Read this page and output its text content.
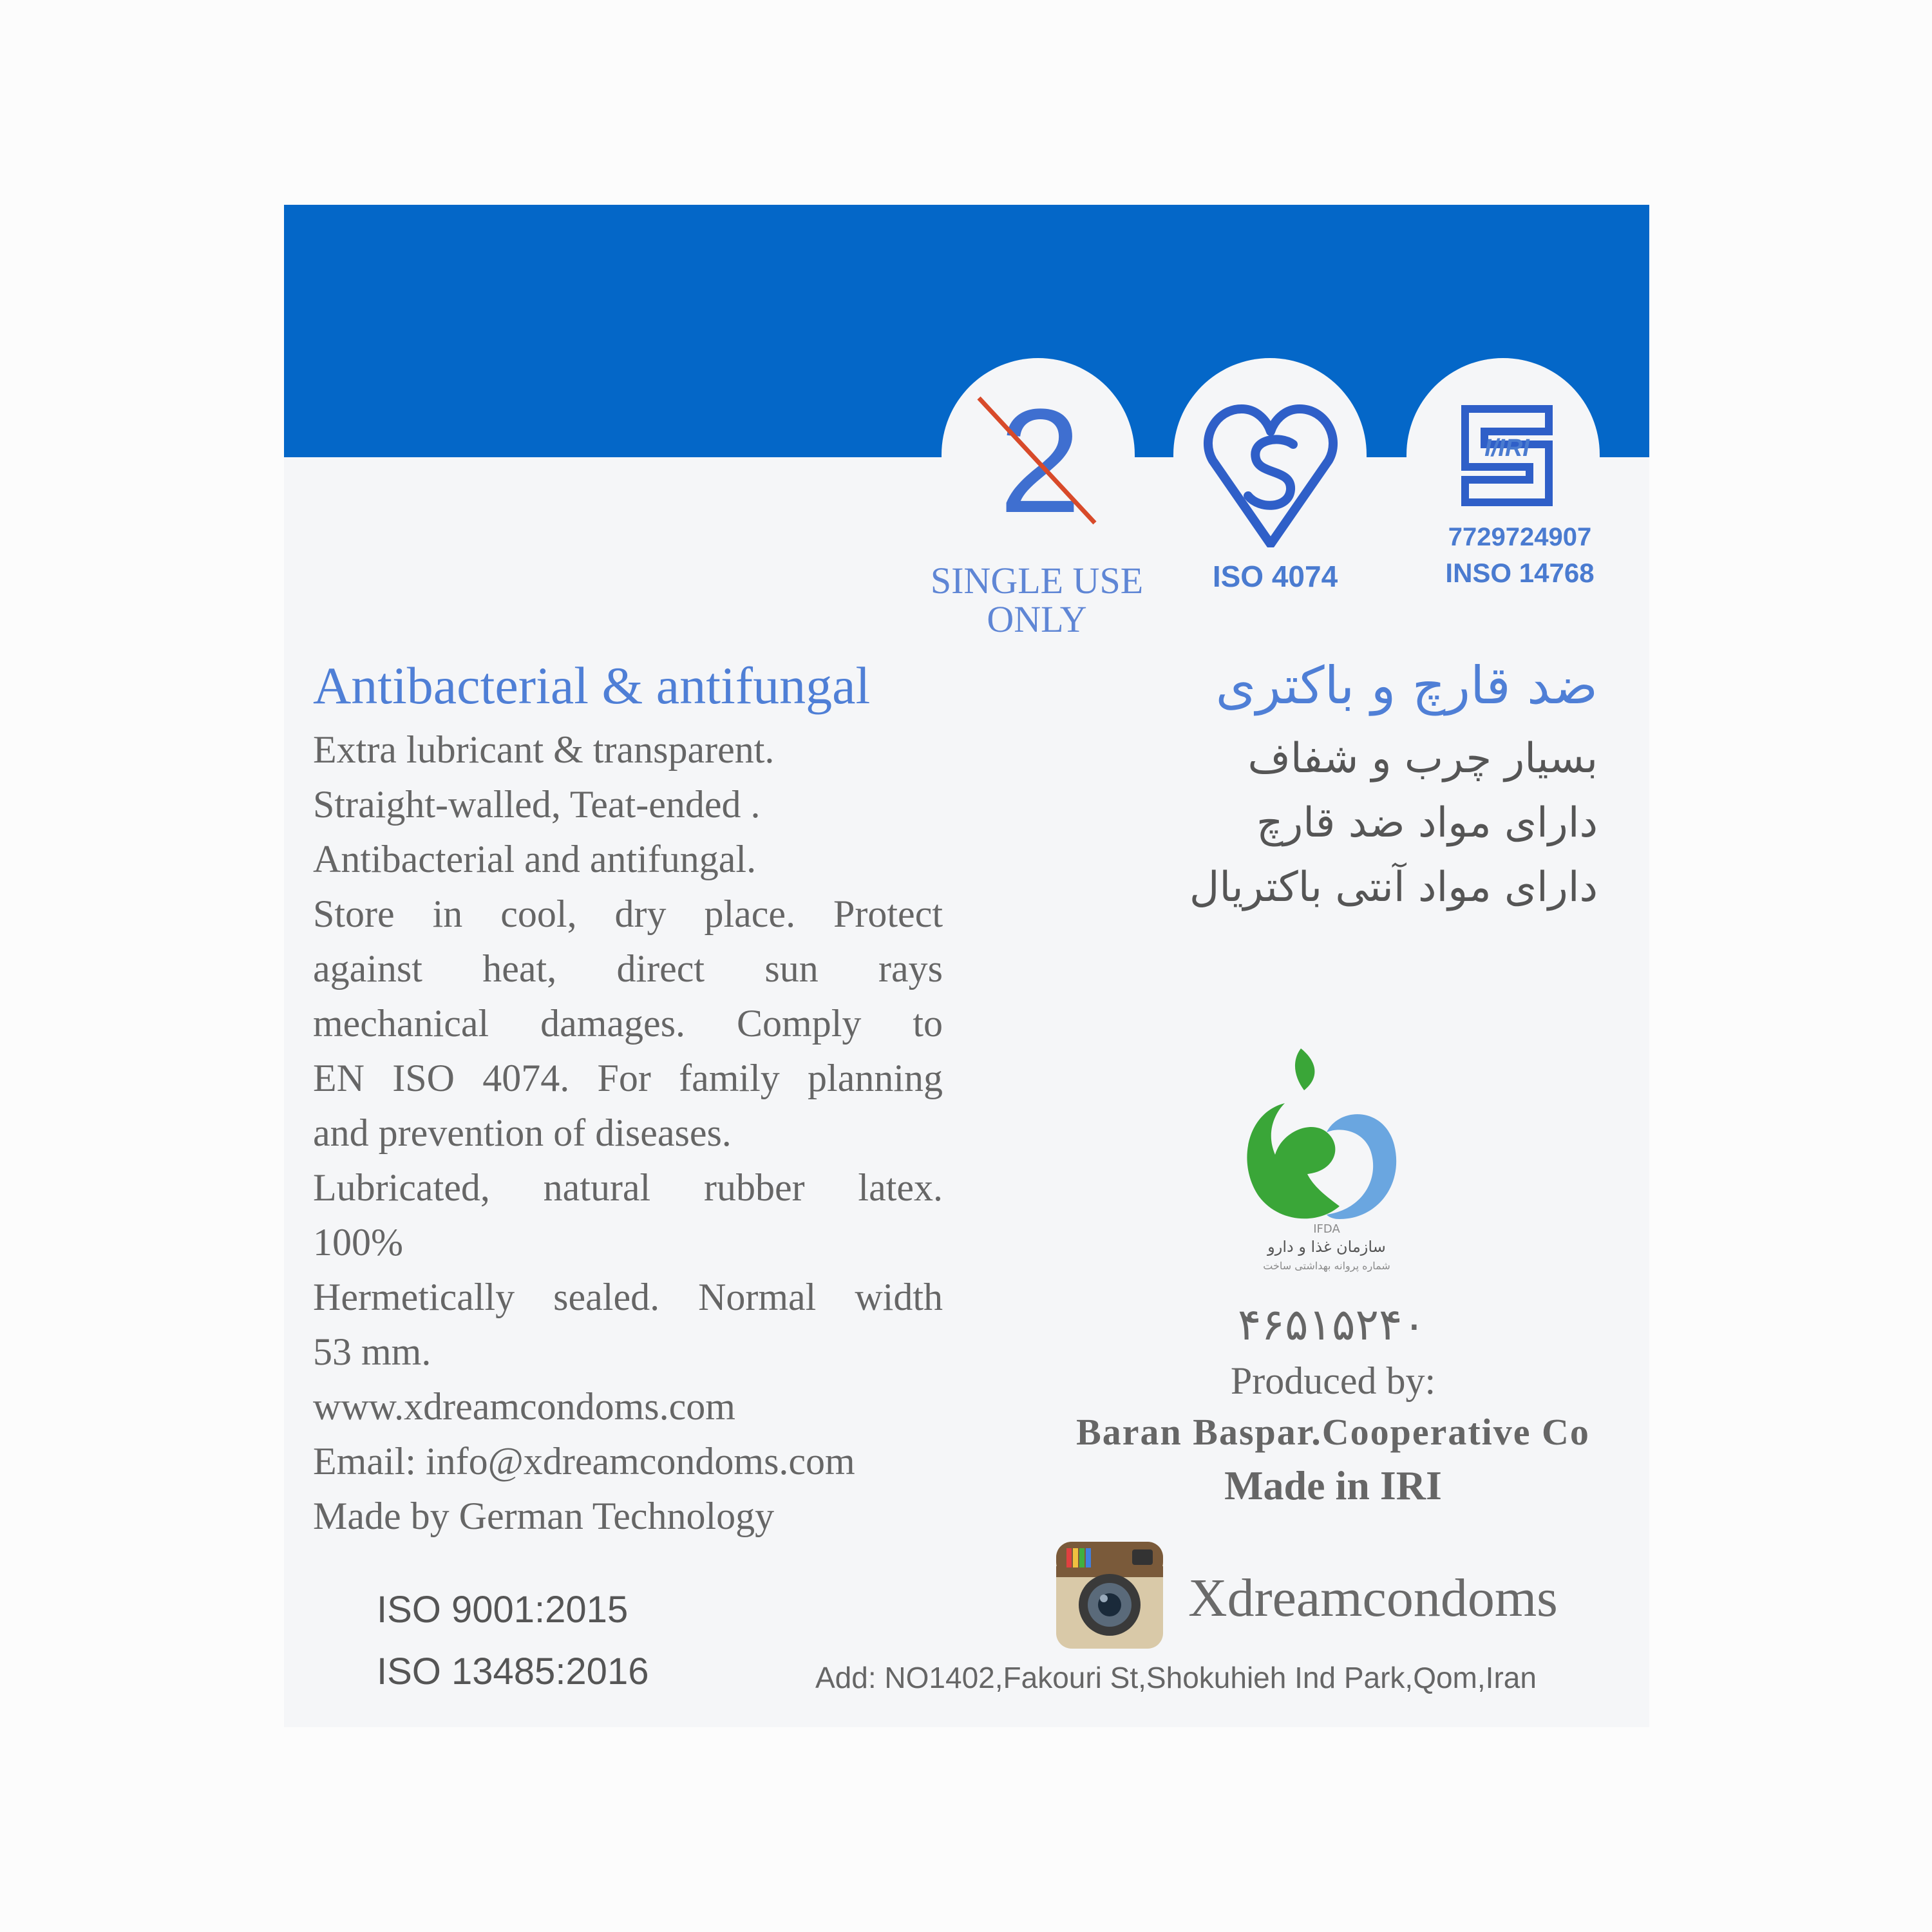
2
SINGLE USE
ONLY
ISO 4074
I/IRI
7729724907
INSO 14768
Antibacterial & antifungal
Extra lubricant & transparent.
Straight-walled, Teat-ended .
Antibacterial and antifungal.
Store in cool, dry place. Protect
against heat, direct sun rays
mechanical damages. Comply to
EN ISO 4074. For family planning
and prevention of diseases.
Lubricated, natural rubber latex.
100%
Hermetically sealed. Normal width
53 mm.
www.xdreamcondoms.com
Email: info@xdreamcondoms.com
Made by German Technology
ضد قارچ و باکتری
بسیار چرب و شفاف
دارای مواد ضد قارچ
دارای مواد آنتی باکتریال
ISO 9001:2015
ISO 13485:2016
IFDA
سازمان غذا و دارو
شماره پروانه بهداشتی ساخت
۴۶۵۱۵۲۴۰
Produced by:
Baran Baspar.Cooperative Co
Made in IRI
Xdreamcondoms
Add: NO1402,Fakouri St,Shokuhieh Ind Park,Qom,Iran
